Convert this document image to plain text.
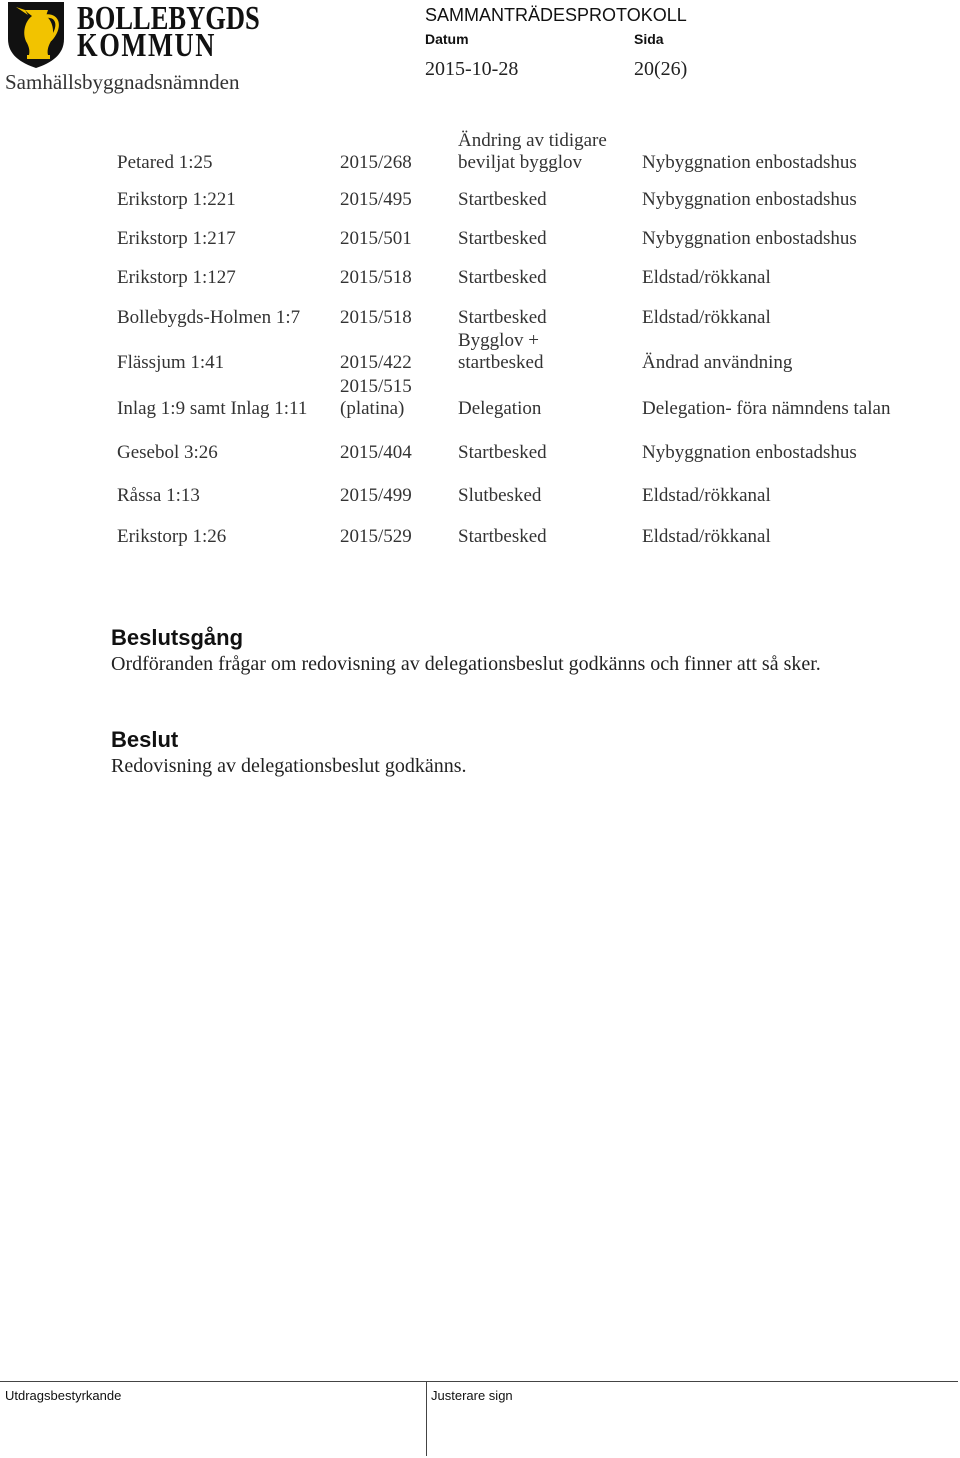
BOLLEBYGDS
KOMMUN
Samhällsbyggnadsnämnden
SAMMANTRÄDESPROTOKOLL
Datum	Sida
2015-10-28	20(26)
Petared 1:25	2015/268	Ändring av tidigare beviljat bygglov	Nybyggnation enbostadshus
Erikstorp 1:221	2015/495	Startbesked	Nybyggnation enbostadshus
Erikstorp 1:217	2015/501	Startbesked	Nybyggnation enbostadshus
Erikstorp 1:127	2015/518	Startbesked	Eldstad/rökkanal
Bollebygds-Holmen 1:7	2015/518	Startbesked	Eldstad/rökkanal
Flässjum 1:41	2015/422	Bygglov + startbesked	Ändrad användning
Inlag 1:9 samt Inlag 1:11	2015/515 (platina)	Delegation	Delegation- föra nämndens talan
Gesebol 3:26	2015/404	Startbesked	Nybyggnation enbostadshus
Råssa 1:13	2015/499	Slutbesked	Eldstad/rökkanal
Erikstorp 1:26	2015/529	Startbesked	Eldstad/rökkanal
Beslutsgång

Ordföranden frågar om redovisning av delegationsbeslut godkänns och finner att så sker.

Beslut

Redovisning av delegationsbeslut godkänns.

Utdragsbestyrkande	Justerare sign
